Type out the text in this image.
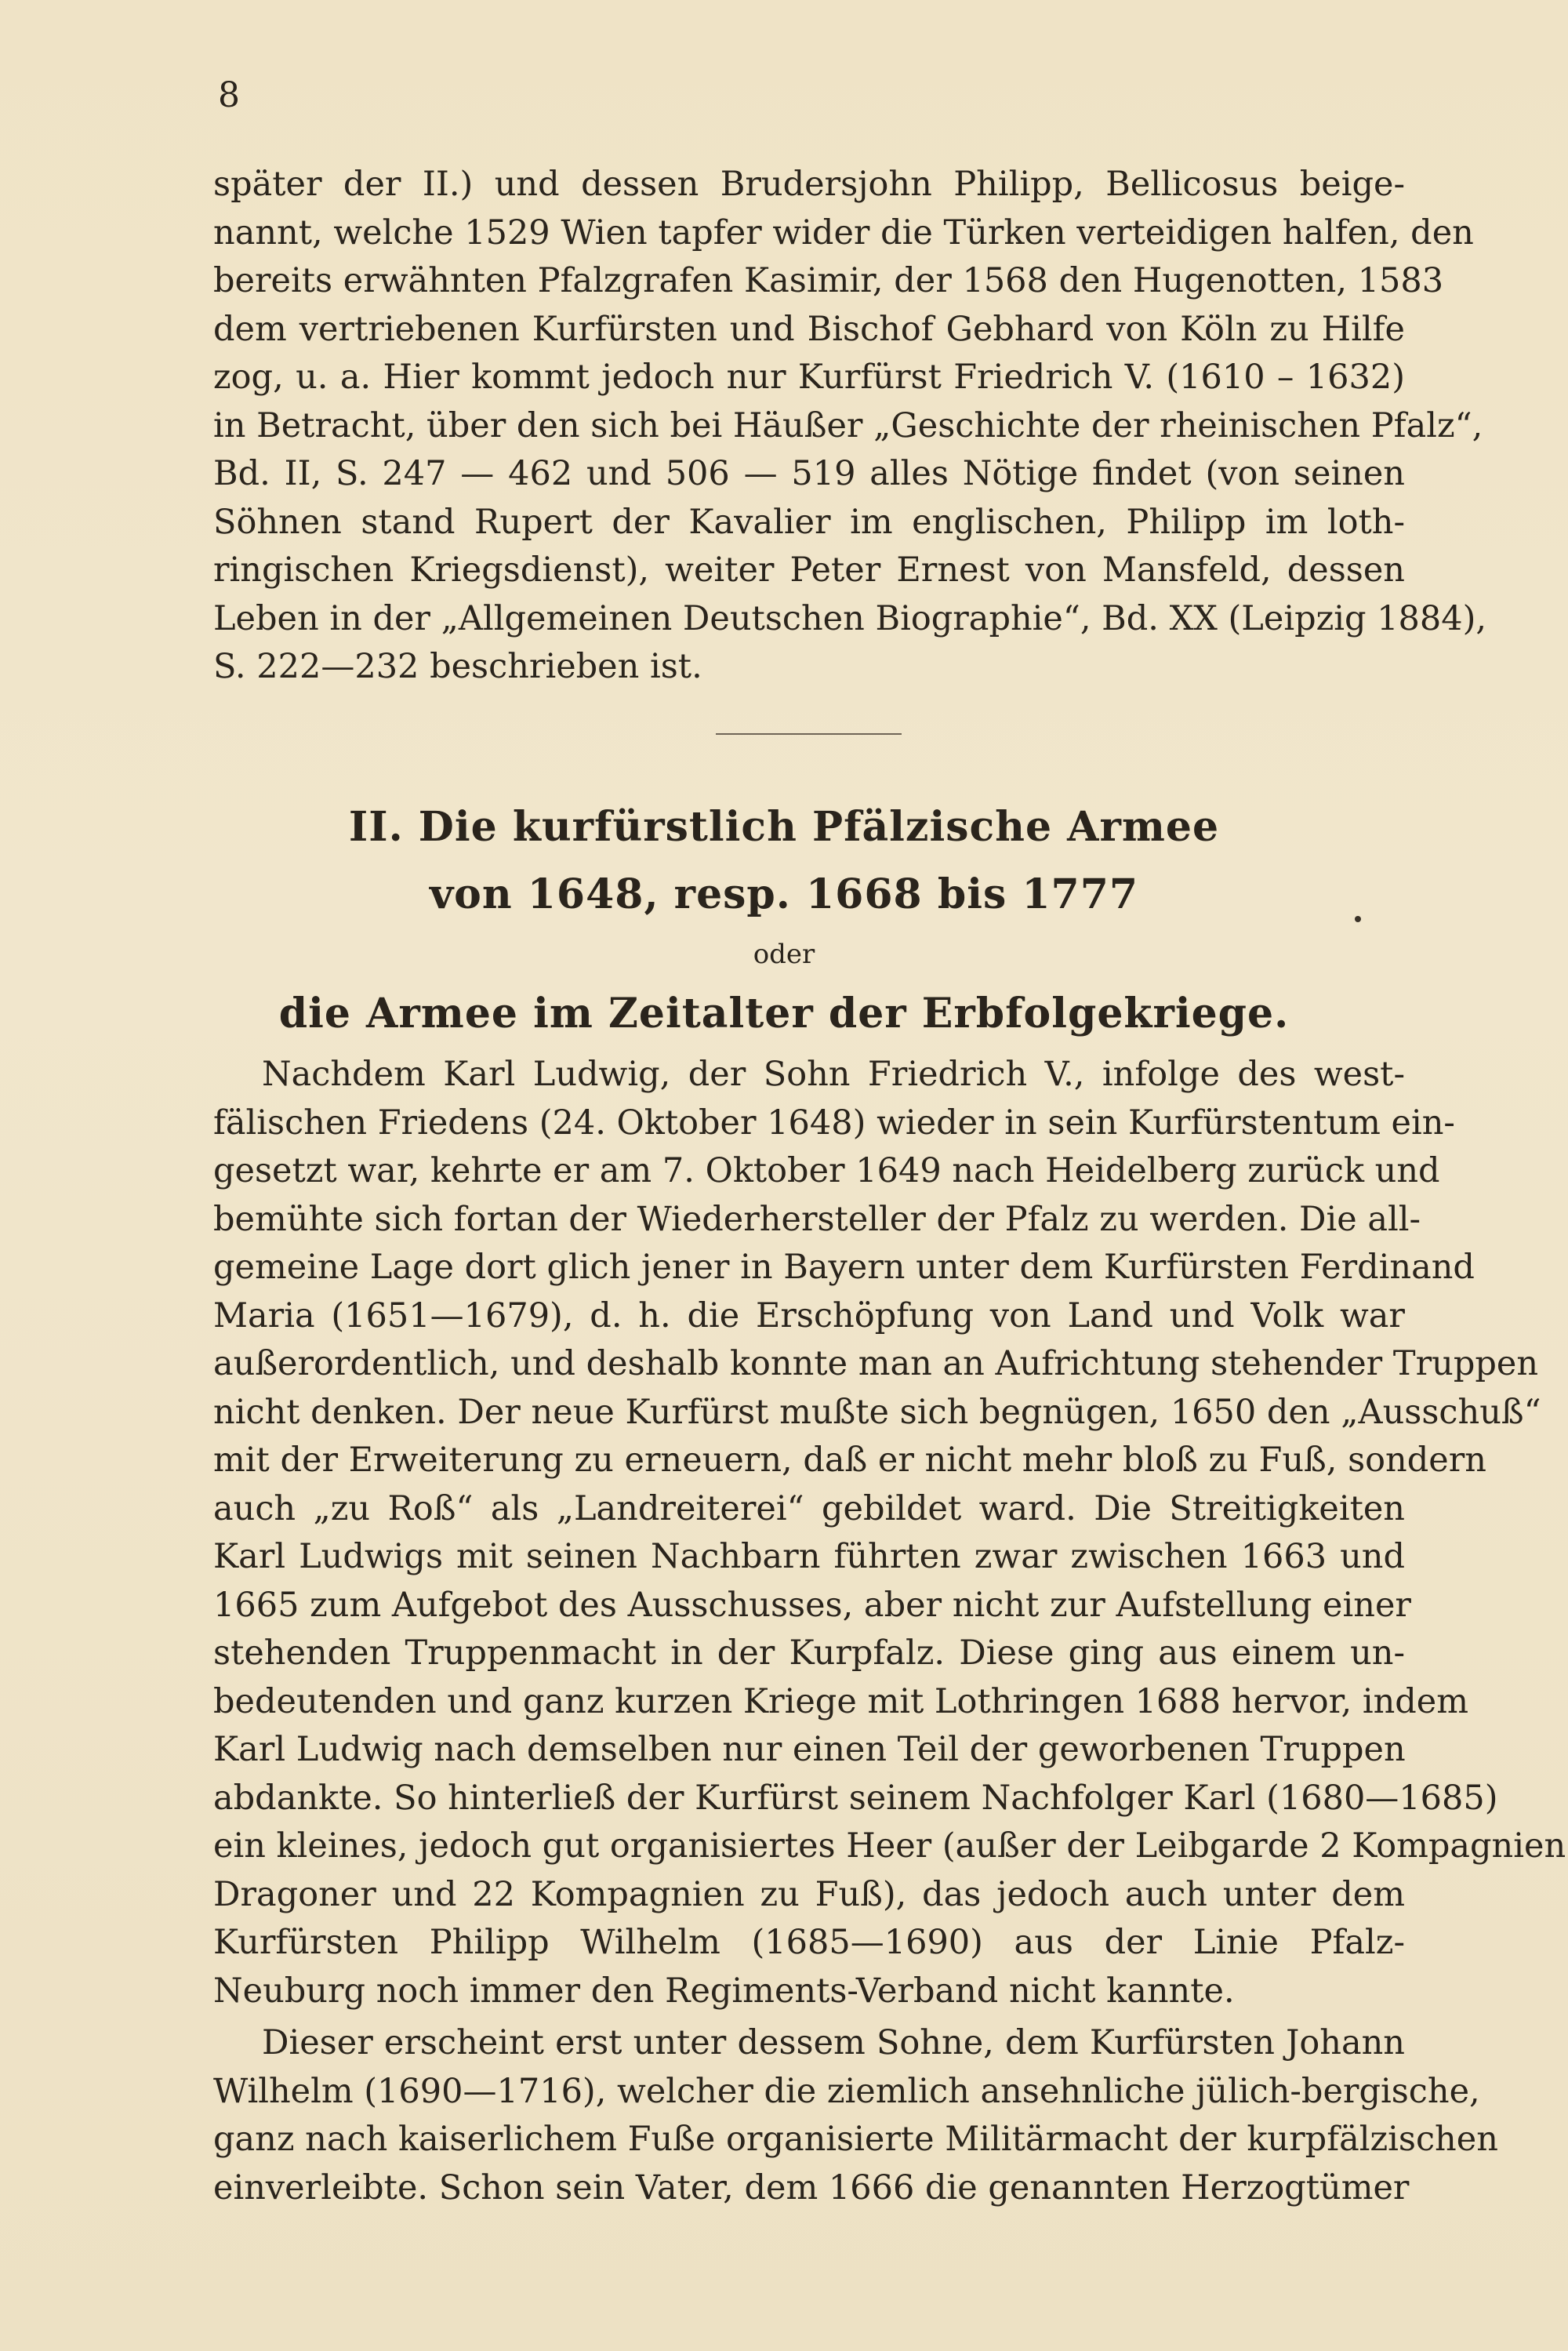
8
später der II.) und dessen Brudersjohn Philipp, Bellicosus beige-
nannt, welche 1529 Wien tapfer wider die Türken verteidigen halfen, den
bereits erwähnten Pfalzgrafen Kasimir, der 1568 den Hugenotten, 1583
dem vertriebenen Kurfürsten und Bischof Gebhard von Köln zu Hilfe
zog, u. a. Hier kommt jedoch nur Kurfürst Friedrich V. (1610 – 1632)
in Betracht, über den sich bei Häußer „Geschichte der rheinischen Pfalz“,
Bd. II, S. 247 — 462 und 506 — 519 alles Nötige findet (von seinen
Söhnen stand Rupert der Kavalier im englischen, Philipp im loth-
ringischen Kriegsdienst), weiter Peter Ernest von Mansfeld, dessen
Leben in der „Allgemeinen Deutschen Biographie“, Bd. XX (Leipzig 1884),
S. 222—232 beschrieben ist.
II. Die kurfürstlich Pfälzische Armee
von 1648, resp. 1668 bis 1777
oder
die Armee im Zeitalter der Erbfolgekriege.
Nachdem Karl Ludwig, der Sohn Friedrich V., infolge des west-
fälischen Friedens (24. Oktober 1648) wieder in sein Kurfürstentum ein-
gesetzt war, kehrte er am 7. Oktober 1649 nach Heidelberg zurück und
bemühte sich fortan der Wiederhersteller der Pfalz zu werden. Die all-
gemeine Lage dort glich jener in Bayern unter dem Kurfürsten Ferdinand
Maria (1651—1679), d. h. die Erschöpfung von Land und Volk war
außerordentlich, und deshalb konnte man an Aufrichtung stehender Truppen
nicht denken. Der neue Kurfürst mußte sich begnügen, 1650 den „Ausschuß“
mit der Erweiterung zu erneuern, daß er nicht mehr bloß zu Fuß, sondern
auch „zu Roß“ als „Landreiterei“ gebildet ward. Die Streitigkeiten
Karl Ludwigs mit seinen Nachbarn führten zwar zwischen 1663 und
1665 zum Aufgebot des Ausschusses, aber nicht zur Aufstellung einer
stehenden Truppenmacht in der Kurpfalz. Diese ging aus einem un-
bedeutenden und ganz kurzen Kriege mit Lothringen 1688 hervor, indem
Karl Ludwig nach demselben nur einen Teil der geworbenen Truppen
abdankte. So hinterließ der Kurfürst seinem Nachfolger Karl (1680—1685)
ein kleines, jedoch gut organisiertes Heer (außer der Leibgarde 2 Kompagnien
Dragoner und 22 Kompagnien zu Fuß), das jedoch auch unter dem
Kurfürsten Philipp Wilhelm (1685—1690) aus der Linie Pfalz-
Neuburg noch immer den Regiments-Verband nicht kannte.
Dieser erscheint erst unter dessem Sohne, dem Kurfürsten Johann
Wilhelm (1690—1716), welcher die ziemlich ansehnliche jülich-bergische,
ganz nach kaiserlichem Fuße organisierte Militärmacht der kurpfälzischen
einverleibte. Schon sein Vater, dem 1666 die genannten Herzogtümer
